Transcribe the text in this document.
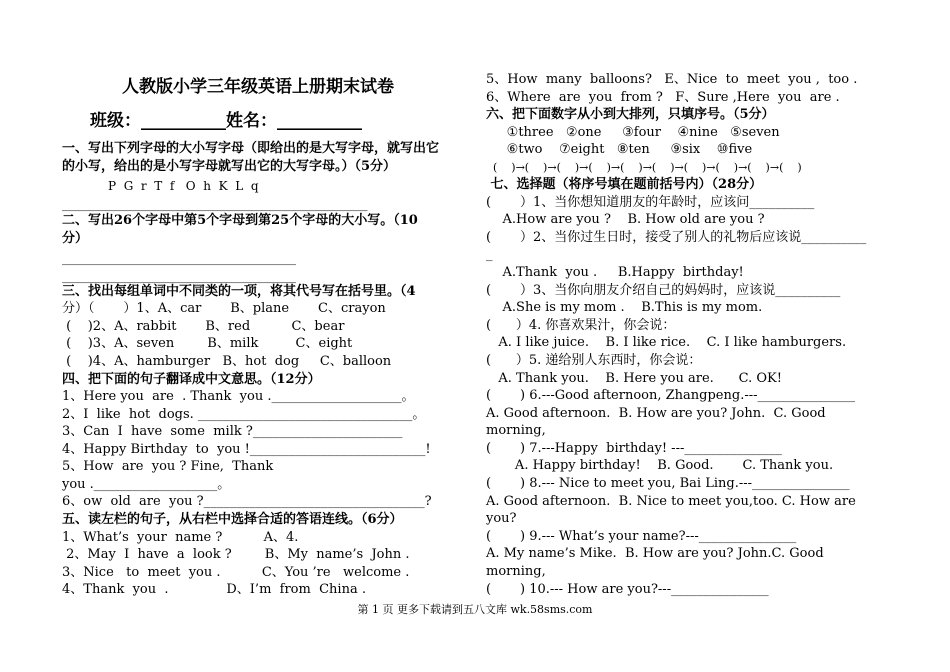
人教版小学三年级英语上册期末试卷
班级：__________姓名：__________
一、写出下列字母的大小写字母（即给出的是大写字母，就写出它
的小写，给出的是小写字母就写出它的大写字母。）（5分）
P  G  r  T  f   O  h  K  L  q
_______________________________________________
二、写出26个字母中第5个字母到第25个字母的大小写。（10
分）
____________________________________
____________________________________
三、找出每组单词中不同类的一项，将其代号写在括号里。（4
分）（       ）1、A、car       B、plane       C、crayon
(    )2、A、rabbit       B、red          C、bear
(    )3、A、seven        B、milk         C、eight
(    )4、A、hamburger   B、hot  dog     C、balloon
四、把下面的句子翻译成中文意思。（12分）
1、Here you  are  . Thank  you .____________________。
2、I  like  hot  dogs. _________________________________。
3、Can  I  have  some  milk ?_______________________
4、Happy Birthday  to  you !___________________________!
5、How  are  you ? Fine,  Thank
you .___________________。
6、ow  old  are  you ?__________________________________?
五、读左栏的句子，从右栏中选择合适的答语连线。（6分）
1、What’s  your  name ?          A、4.
2、May  I  have  a  look ?        B、My  name’s  John .
3、Nice   to  meet  you .          C、You ’re   welcome .
4、Thank  you  .              D、I’m  from  China .
5、How  many  balloons?   E、Nice  to  meet  you ,  too .
6、Where  are  you  from ?   F、Sure ,Here  you  are .
六、把下面数字从小到大排列，只填序号。（5分）
①three   ②one     ③four    ④nine   ⑤seven
⑥two    ⑦eight   ⑧ten     ⑨six    ⑩five
(    )→(    )→(    )→(    )→(    )→(    )→(    )→(    )→(    )→(    )
七、选择题（将序号填在题前括号内）（28分）
(       ）1、当你想知道朋友的年龄时，应该问__________
A.How are you ?    B. How old are you ?
(       ）2、当你过生日时，接受了别人的礼物后应该说__________
_
A.Thank  you .     B.Happy  birthday!
(       ）3、当你向朋友介绍自己的妈妈时，应该说__________
A.She is my mom .    B.This is my mom.
(      ）4. 你喜欢果汁，你会说：
A. I like juice.    B. I like rice.    C. I like hamburgers.
(      ）5. 递给别人东西时，你会说：
A. Thank you.    B. Here you are.      C. OK!
(       ) 6.---Good afternoon, Zhangpeng.---_______________
A. Good afternoon.  B. How are you? John.  C. Good
morning,
(       ) 7.---Happy  birthday! ---_______________
A. Happy birthday!    B. Good.       C. Thank you.
(       ) 8.--- Nice to meet you, Bai Ling.---_______________
A. Good afternoon.  B. Nice to meet you,too. C. How are
you?
(       ) 9.--- What’s your name?---_______________
A. My name’s Mike.  B. How are you? John.C. Good
morning,
(       ) 10.--- How are you?---_______________
第 1 页 更多下载请到五八文库 wk.58sms.com
